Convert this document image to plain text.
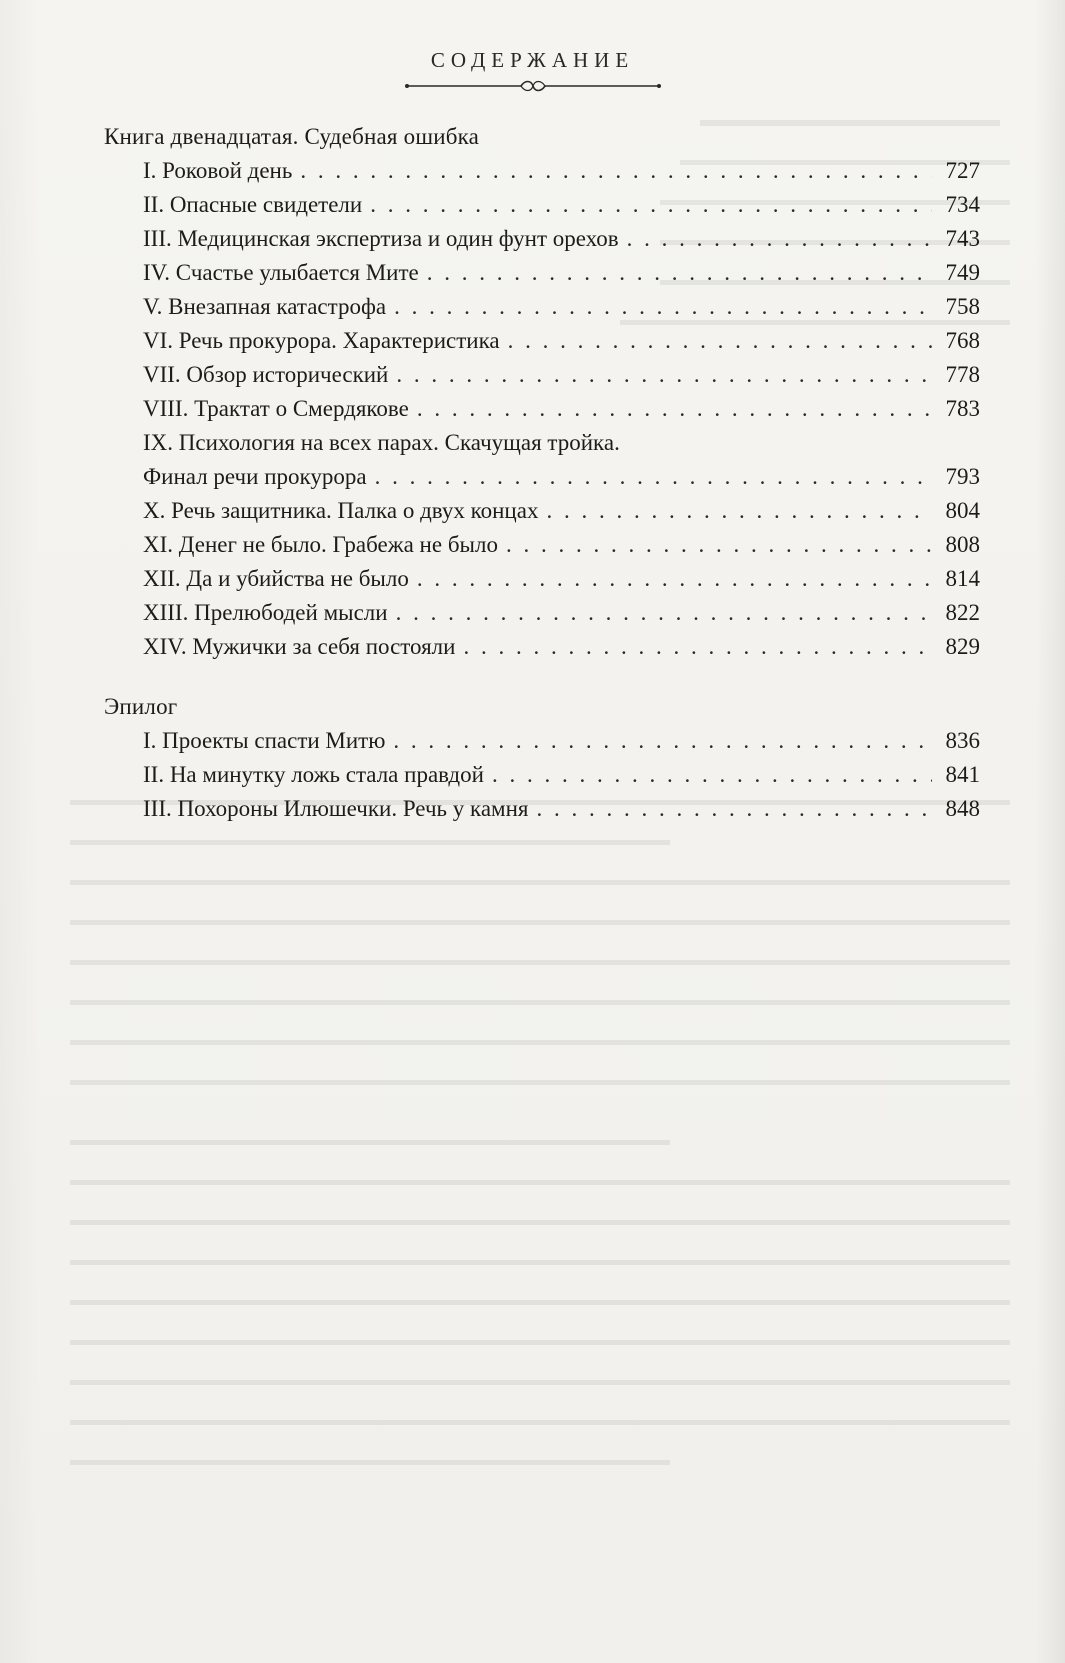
СОДЕРЖАНИЕ
Книга двенадцатая. Судебная ошибка
I. Роковой день . . .	727
II. Опасные свидетели . . .	734
III. Медицинская экспертиза и один фунт орехов . . .	743
IV. Счастье улыбается Мите . . .	749
V. Внезапная катастрофа . . .	758
VI. Речь прокурора. Характеристика . . .	768
VII. Обзор исторический . . .	778
VIII. Трактат о Смердякове . . .	783
IX. Психология на всех парах. Скачущая тройка.
Финал речи прокурора . . .	793
X. Речь защитника. Палка о двух концах . . .	804
XI. Денег не было. Грабежа не было . . .	808
XII. Да и убийства не было . . .	814
XIII. Прелюбодей мысли . . .	822
XIV. Мужички за себя постояли . . .	829
Эпилог
I. Проекты спасти Митю . . .	836
II. На минутку ложь стала правдой . . .	841
III. Похороны Илюшечки. Речь у камня . . .	848
